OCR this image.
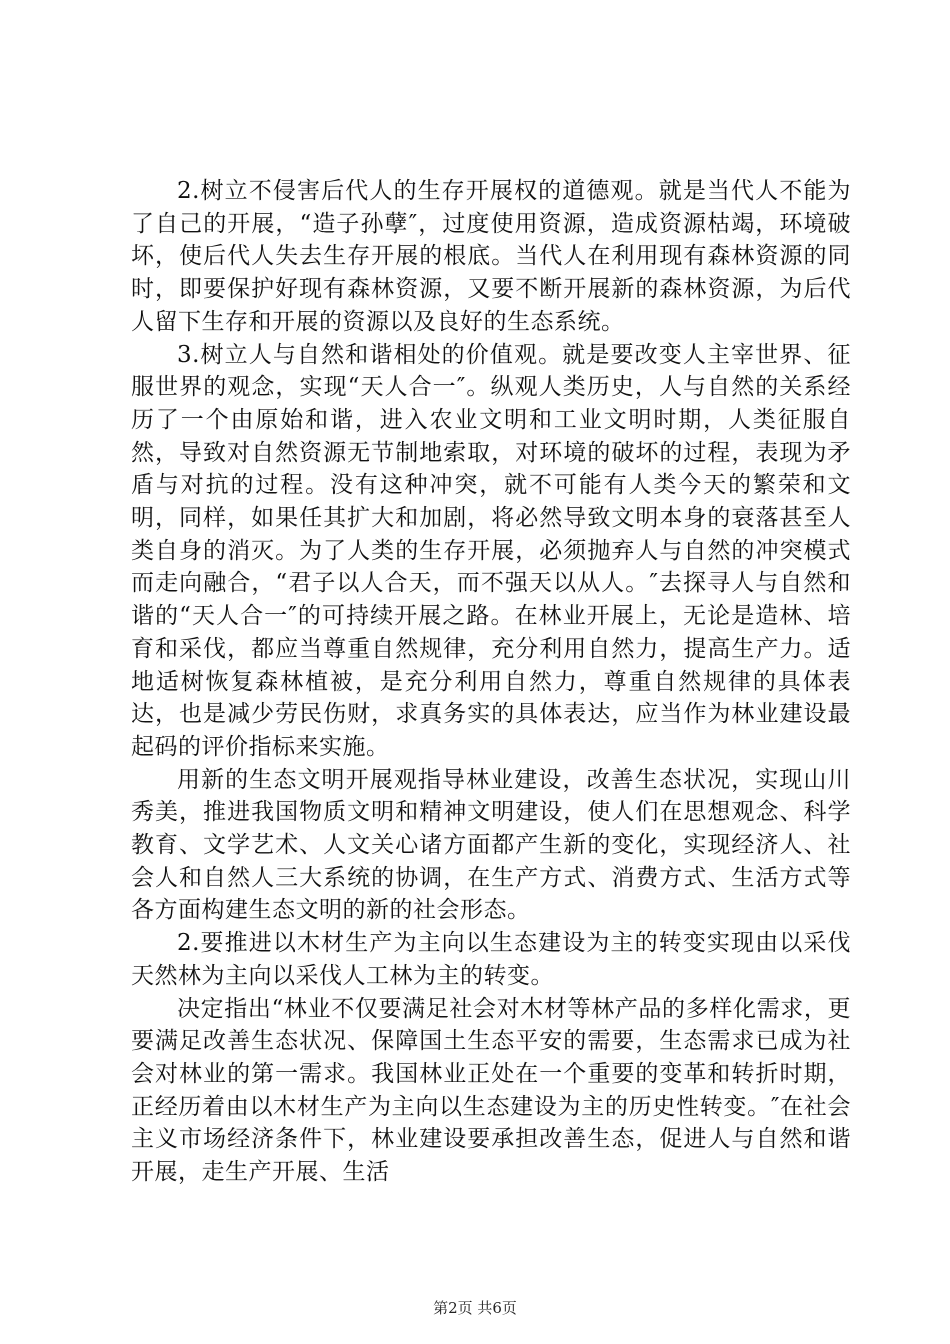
2.树立不侵害后代人的生存开展权的道德观。就是当代人不能为了自己的开展，“造子孙孽″，过度使用资源，造成资源枯竭，环境破坏，使后代人失去生存开展的根底。当代人在利用现有森林资源的同时，即要保护好现有森林资源，又要不断开展新的森林资源，为后代人留下生存和开展的资源以及良好的生态系统。

3.树立人与自然和谐相处的价值观。就是要改变人主宰世界、征服世界的观念，实现“天人合一″。纵观人类历史，人与自然的关系经历了一个由原始和谐，进入农业文明和工业文明时期，人类征服自然，导致对自然资源无节制地索取，对环境的破坏的过程，表现为矛盾与对抗的过程。没有这种冲突，就不可能有人类今天的繁荣和文明，同样，如果任其扩大和加剧，将必然导致文明本身的衰落甚至人类自身的消灭。为了人类的生存开展，必须抛弃人与自然的冲突模式而走向融合，“君子以人合天，而不强天以从人。″去探寻人与自然和谐的“天人合一″的可持续开展之路。在林业开展上，无论是造林、培育和采伐，都应当尊重自然规律，充分利用自然力，提高生产力。适地适树恢复森林植被，是充分利用自然力，尊重自然规律的具体表达，也是减少劳民伤财，求真务实的具体表达，应当作为林业建设最起码的评价指标来实施。

用新的生态文明开展观指导林业建设，改善生态状况，实现山川秀美，推进我国物质文明和精神文明建设，使人们在思想观念、科学教育、文学艺术、人文关心诸方面都产生新的变化，实现经济人、社会人和自然人三大系统的协调，在生产方式、消费方式、生活方式等各方面构建生态文明的新的社会形态。

2.要推进以木材生产为主向以生态建设为主的转变实现由以采伐天然林为主向以采伐人工林为主的转变。

决定指出“林业不仅要满足社会对木材等林产品的多样化需求，更要满足改善生态状况、保障国土生态平安的需要，生态需求已成为社会对林业的第一需求。我国林业正处在一个重要的变革和转折时期，正经历着由以木材生产为主向以生态建设为主的历史性转变。″在社会主义市场经济条件下，林业建设要承担改善生态，促进人与自然和谐开展，走生产开展、生活

第2页 共6页
